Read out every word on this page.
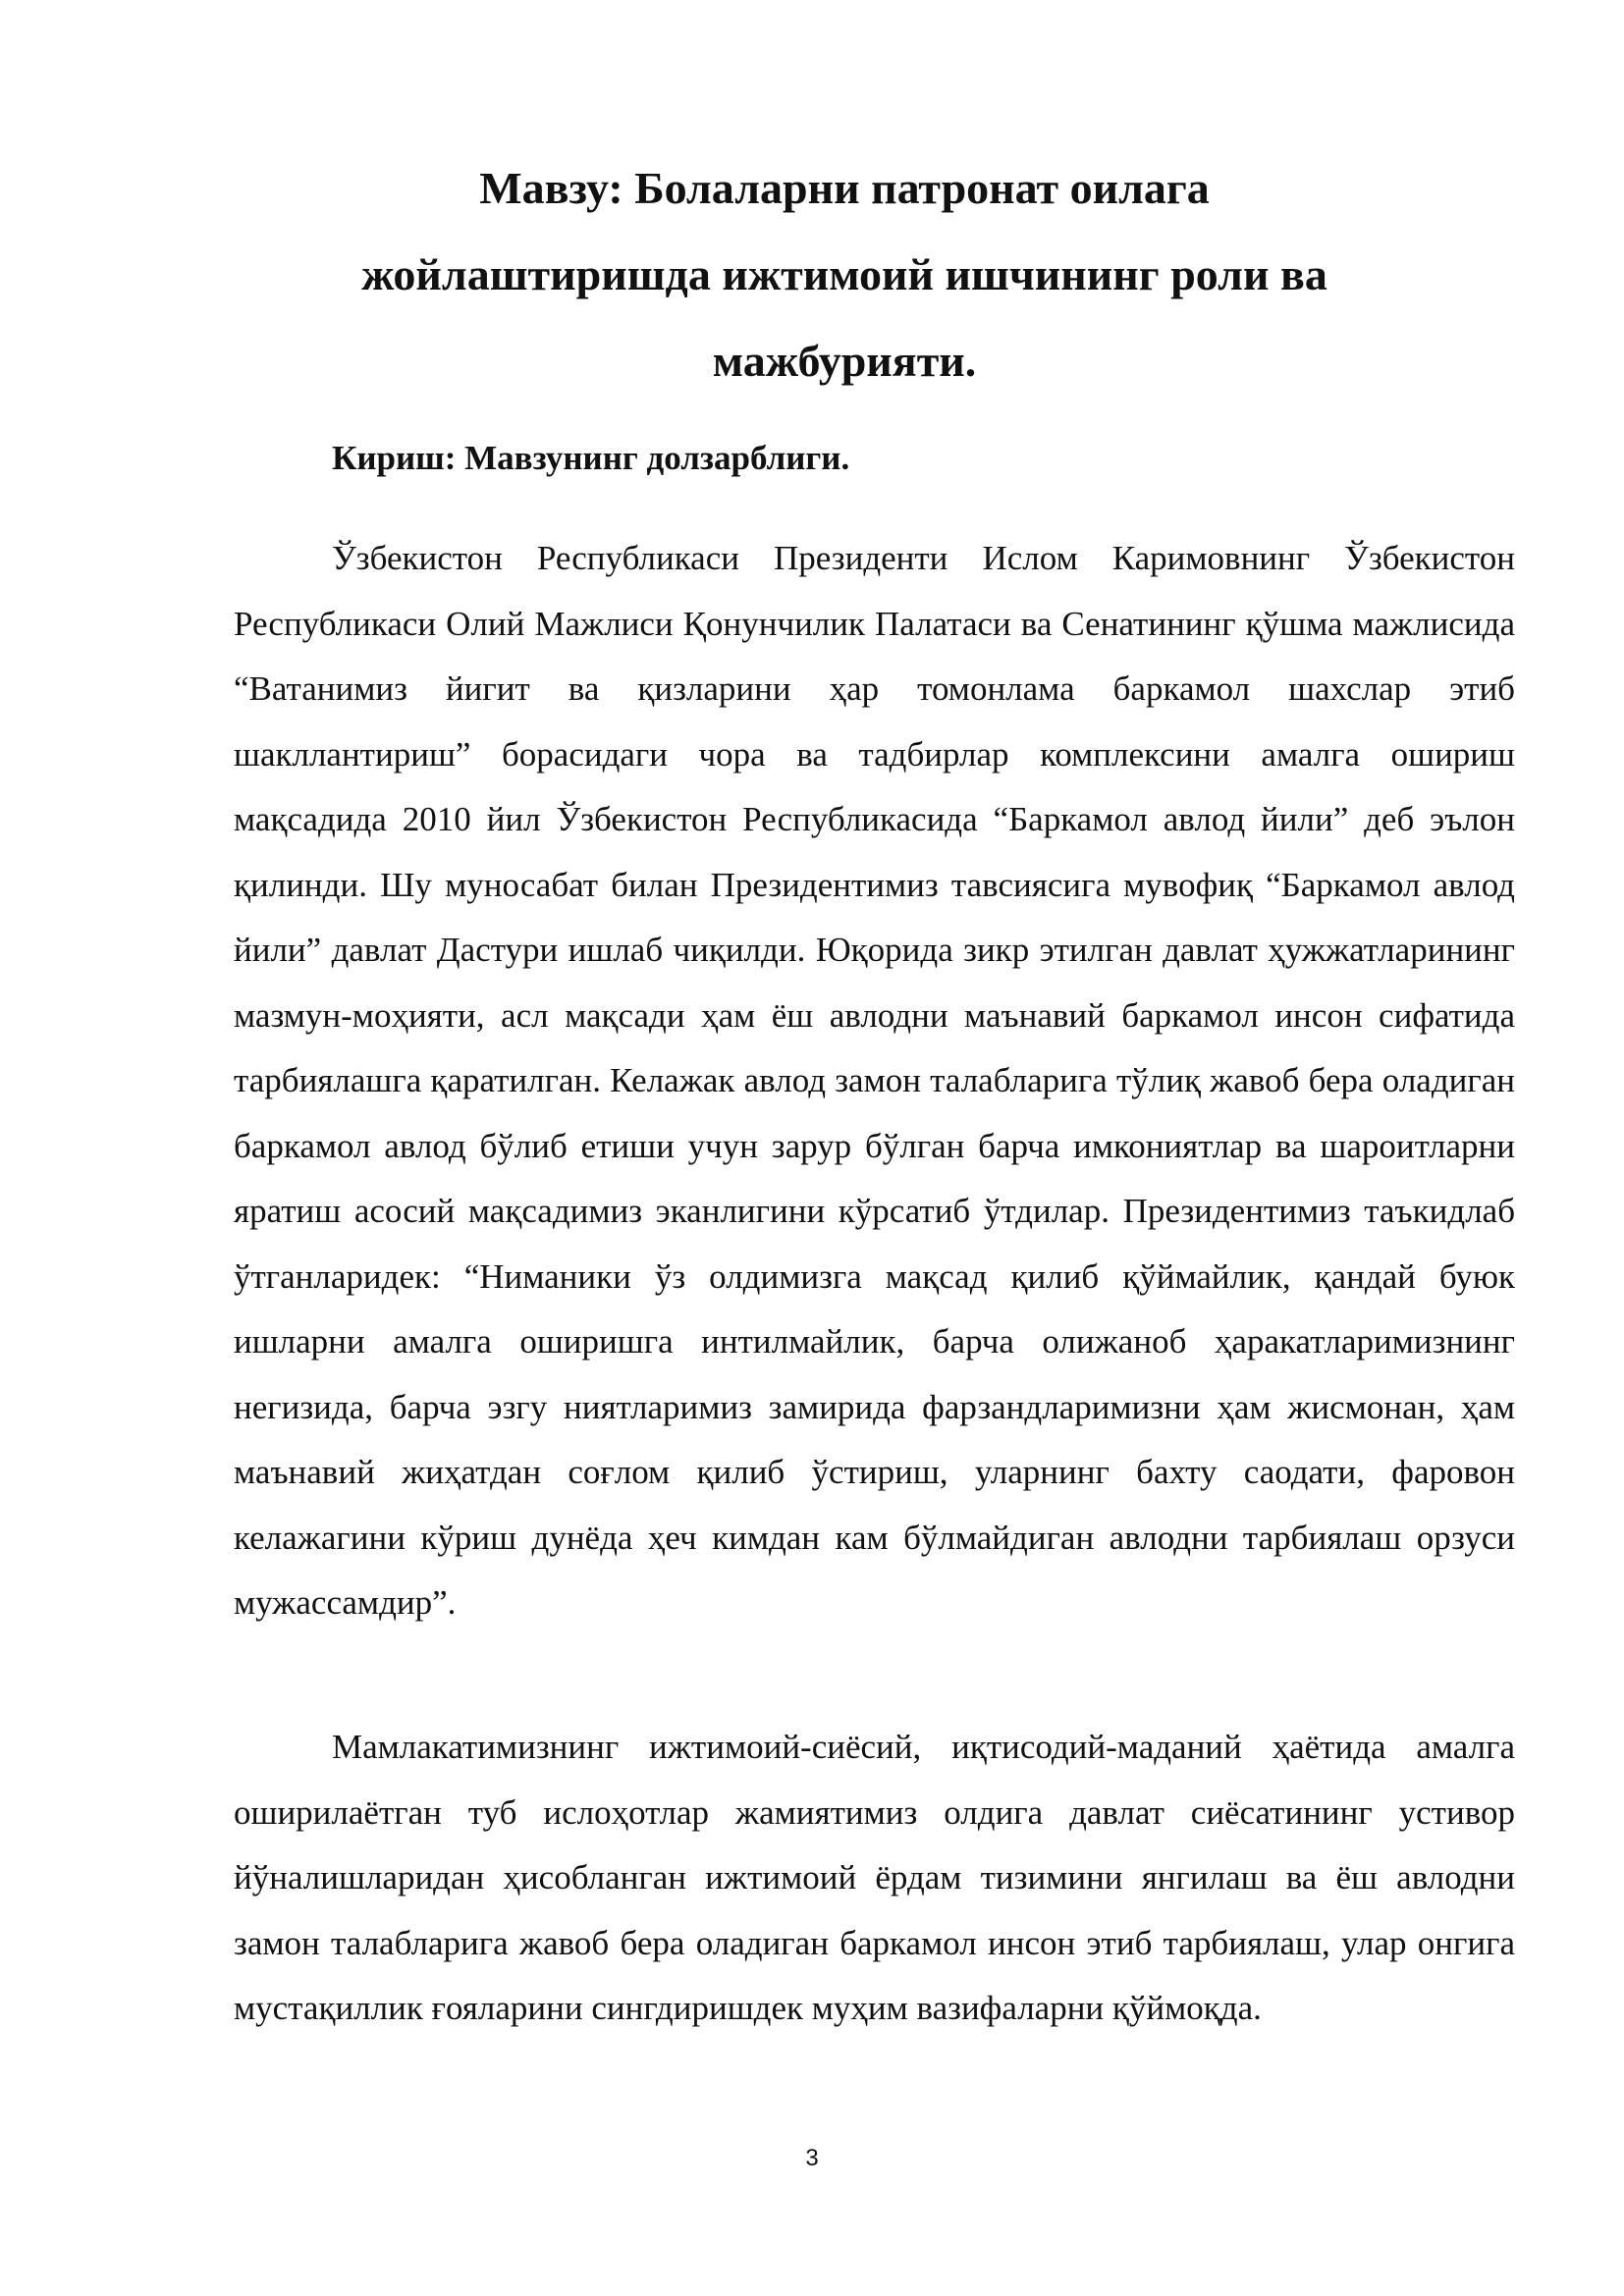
Мавзу: Болаларни патронат оилага
жойлаштиришда ижтимоий ишчининг роли ва
мажбурияти.
Кириш: Мавзунинг долзарблиги.

Ўзбекистон Республикаси Президенти Ислом Каримовнинг Ўзбекистон Республикаси Олий Мажлиси Қонунчилик Палатаси ва Сенатининг қўшма мажлисида “Ватанимиз йигит ва қизларини ҳар томонлама баркамол шахслар этиб шакллантириш” борасидаги чора ва тадбирлар комплексини амалга ошириш мақсадида 2010 йил Ўзбекистон Республикасида “Баркамол авлод йили” деб эълон қилинди. Шу муносабат билан Президентимиз тавсиясига мувофиқ “Баркамол авлод йили” давлат Дастури ишлаб чиқилди. Юқорида зикр этилган давлат ҳужжатларининг мазмун-моҳияти, асл мақсади ҳам ёш авлодни маънавий баркамол инсон сифатида тарбиялашга қаратилган. Келажак авлод замон талабларига тўлиқ жавоб бера оладиган баркамол авлод бўлиб етиши учун зарур бўлган барча имкониятлар ва шароитларни яратиш асосий мақсадимиз эканлигини кўрсатиб ўтдилар. Президентимиз таъкидлаб ўтганларидек: “Ниманики ўз олдимизга мақсад қилиб қўймайлик, қандай буюк ишларни амалга оширишга интилмайлик, барча олижаноб ҳаракатларимизнинг негизида, барча эзгу ниятларимиз замирида фарзандларимизни ҳам жисмонан, ҳам маънавий жиҳатдан соғлом қилиб ўстириш, уларнинг бахту саодати, фаровон келажагини кўриш дунёда ҳеч кимдан кам бўлмайдиган авлодни тарбиялаш орзуси мужассамдир”.

Мамлакатимизнинг ижтимоий-сиёсий, иқтисодий-маданий ҳаётида амалга оширилаётган туб ислоҳотлар жамиятимиз олдига давлат сиёсатининг устивор йўналишларидан ҳисобланган ижтимоий ёрдам тизимини янгилаш ва ёш авлодни замон талабларига жавоб бера оладиган баркамол инсон этиб тарбиялаш, улар онгига мустақиллик ғояларини сингдиришдек муҳим вазифаларни қўймоқда.

3
